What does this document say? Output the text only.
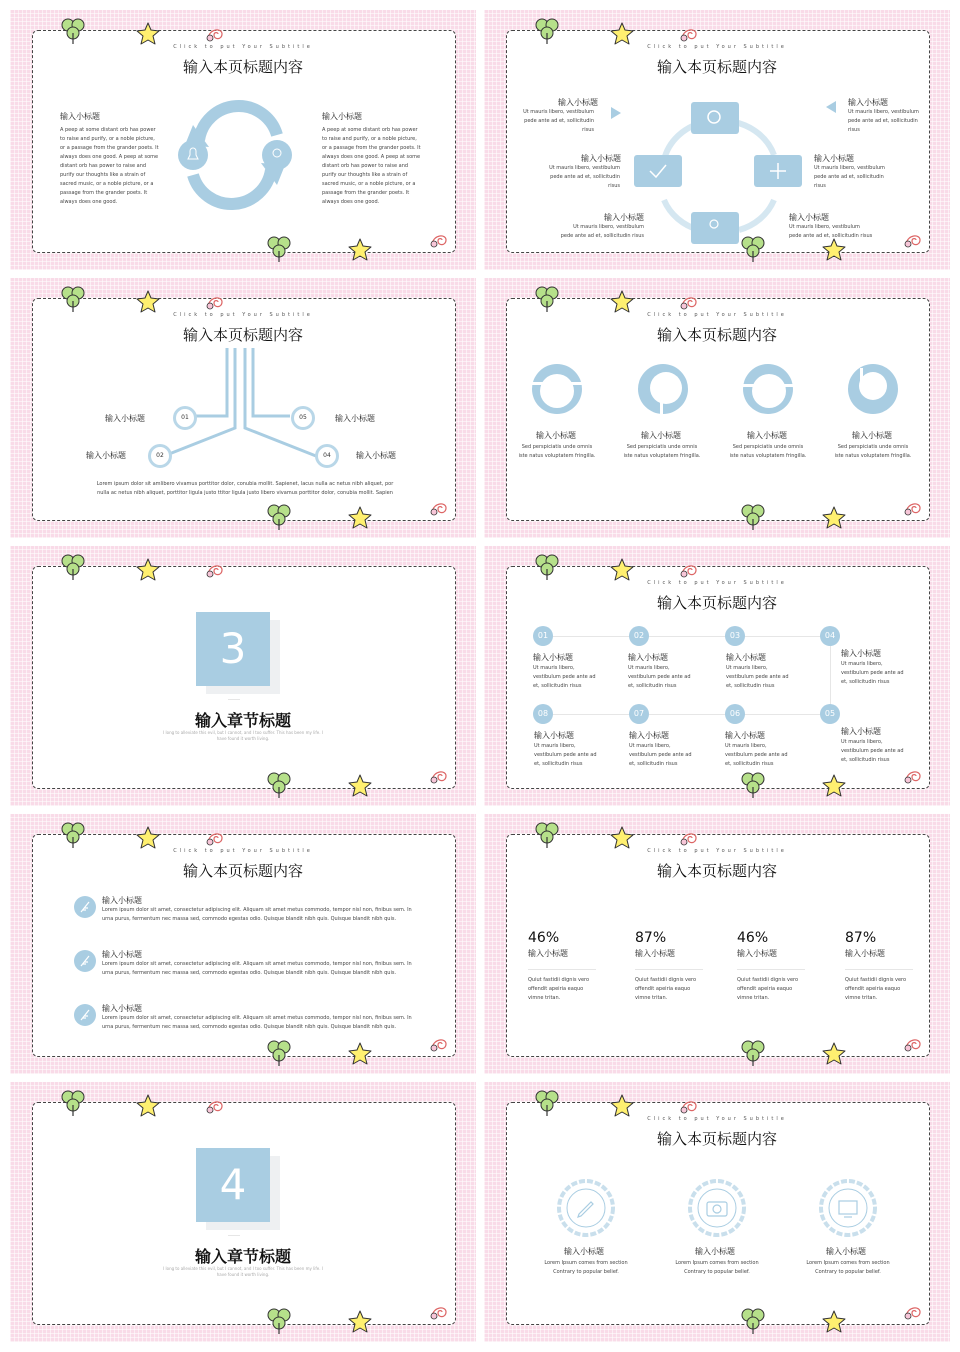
Click to put Your Subtitle
输入本页标题内容
输入小标题
A peep at some distant orb has power to raise and purify, or a noble picture, or a passage from the grander poets. It always does one good. A peep at some distant orb has power to raise and purify our thoughts like a strain of sacred music, or a noble picture, or a passage from the grander poets. It always does one good.
输入小标题
A peep at some distant orb has power to raise and purify, or a noble picture, or a passage from the grander poets. It always does one good. A peep at some distant orb has power to raise and purify our thoughts like a strain of sacred music, or a noble picture, or a passage from the grander poets. It always does one good.
Click to put Your Subtitle
输入本页标题内容
输入小标题
Ut mauris libero, vestibulum pede ante ad et, sollicitudin risus
输入小标题
Ut mauris libero, vestibulum pede ante ad et, sollicitudin risus
输入小标题
Ut mauris libero, vestibulum pede ante ad et, sollicitudin risus
输入小标题
Ut mauris libero, vestibulum pede ante ad et, sollicitudin risus
输入小标题
Ut mauris libero, vestibulum pede ante ad et, sollicitudin risus
输入小标题
Ut mauris libero, vestibulum pede ante ad et, sollicitudin risus
Click to put Your Subtitle
输入本页标题内容
01
02
05
04
输入小标题
输入小标题
输入小标题
输入小标题
Lorem ipsum dolor sit amlibero vivamus porttitor dolor, conubia mollit. Sapienet, lacus nulla ac netus nibh aliquet, por nulla ac netus nibh aliquet, porttitor ligula justo ttitor ligula justo libero vivamus porttitor dolor, conubia mollit. Sapien
Click to put Your Subtitle
输入本页标题内容
输入小标题
Sed perspiciatis unde omnis iste natus voluptatem fringilla.
输入小标题
Sed perspiciatis unde omnis iste natus voluptatem fringilla.
输入小标题
Sed perspiciatis unde omnis iste natus voluptatem fringilla.
输入小标题
Sed perspiciatis unde omnis iste natus voluptatem fringilla.
3
输入章节标题
I long to alleviate this evil, but I cannot, and I too suffer. This has been my life. I have found it worth living.
Click to put Your Subtitle
输入本页标题内容
01	02	03	04
08	07	06	05
输入小标题
Ut mauris libero, vestibulum pede ante ad et, sollicitudin risus
输入小标题
Ut mauris libero, vestibulum pede ante ad et, sollicitudin risus
输入小标题
Ut mauris libero, vestibulum pede ante ad et, sollicitudin risus
输入小标题
Ut mauris libero, vestibulum pede ante ad et, sollicitudin risus
输入小标题
Ut mauris libero, vestibulum pede ante ad et, sollicitudin risus
输入小标题
Ut mauris libero, vestibulum pede ante ad et, sollicitudin risus
输入小标题
Ut mauris libero, vestibulum pede ante ad et, sollicitudin risus
输入小标题
Ut mauris libero, vestibulum pede ante ad et, sollicitudin risus
Click to put Your Subtitle
输入本页标题内容
输入小标题
Lorem ipsum dolor sit amet, consectetur adipiscing elit. Aliquam sit amet metus commodo, tempor nisl non, finibus sem. In urna purus, fermentum nec massa sed, commodo egestas odio. Quisque blandit nibh quis. Quisque blandit nibh quis.
输入小标题
Lorem ipsum dolor sit amet, consectetur adipiscing elit. Aliquam sit amet metus commodo, tempor nisl non, finibus sem. In urna purus, fermentum nec massa sed, commodo egestas odio. Quisque blandit nibh quis. Quisque blandit nibh quis.
输入小标题
Lorem ipsum dolor sit amet, consectetur adipiscing elit. Aliquam sit amet metus commodo, tempor nisl non, finibus sem. In urna purus, fermentum nec massa sed, commodo egestas odio. Quisque blandit nibh quis. Quisque blandit nibh quis.
Click to put Your Subtitle
输入本页标题内容
46%
输入小标题
Quiut fastidii dignis vero offendit apeiria eaquo vimne tritan.
87%
输入小标题
Quiut fastidii dignis vero offendit apeiria eaquo vimne tritan.
46%
输入小标题
Quiut fastidii dignis vero offendit apeiria eaquo vimne tritan.
87%
输入小标题
Quiut fastidii dignis vero offendit apeiria eaquo vimne tritan.
4
输入章节标题
I long to alleviate this evil, but I cannot, and I too suffer. This has been my life. I have found it worth living.
Click to put Your Subtitle
输入本页标题内容
输入小标题
Lorem Ipsum comes from section Contrary to popular belief.
输入小标题
Lorem Ipsum comes from section Contrary to popular belief.
输入小标题
Lorem Ipsum comes from section Contrary to popular belief.
